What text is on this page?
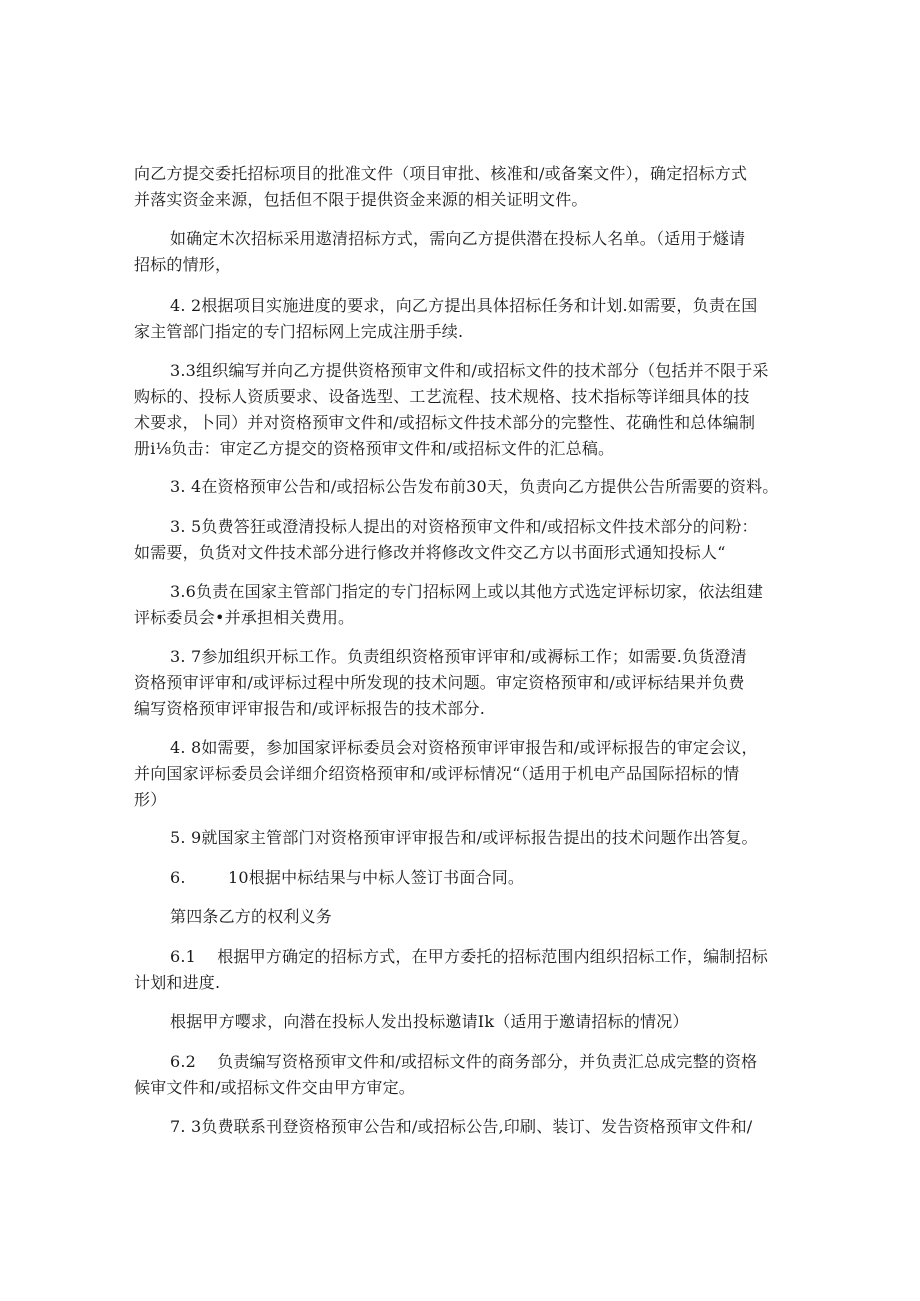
向乙方提交委托招标项目的批准文件（项目审批、核准和/或备案文件），确定招标方式
并落实资金来源，包括但不限于提供资金来源的相关证明文件。

如确定木次招标采用遨清招标方式，需向乙方提供潜在投标人名单。（适用于燧请
招标的情形，

4. 2根据项目实施进度的要求，向乙方提出具体招标任务和计划.如需要，负责在国
家主管部门指定的专门招标网上完成注册手续.

3.3组织编写并向乙方提供资格预审文件和/或招标文件的技术部分（包括并不限于采
购标的、投标人资质要求、设备选型、工艺流程、技术规格、技术指标等详细具体的技
术要求，卜同）并对资格预审文件和/或招标文件技术部分的完整性、花确性和总体编制
册i⅛负击：审定乙方提交的资格预审文件和/或招标文件的汇总稿。

3. 4在资格预审公告和/或招标公告发布前30天，负责向乙方提供公告所需要的资料。

3. 5负费答狂或澄清投标人提出的对资格预审文件和/或招标文件技术部分的问粉：
如需要，负货对文件技术部分进行修改并将修改文件交乙方以书面形式通知投标人“

3.6负责在国家主管部门指定的专门招标网上或以其他方式选定评标切家，依法组建
评标委员会•并承担相关费用。

3. 7参加组织开标工作。负责组织资格预审评审和/或褥标工作；如需要.负货澄清
资格预审评审和/或评标过程中所发现的技术问题。审定资格预审和/或评标结果并负费
编写资格预审评审报告和/或评标报告的技术部分.

4. 8如需要，参加国家评标委员会对资格预审评审报告和/或评标报告的审定会议，
并向国家评标委员会详细介绍资格预审和/或评标情况“（适用于机电产品国际招标的情
形）

5. 9就国家主管部门对资格预审评审报告和/或评标报告提出的技术问题作出答复。

6.        10根据中标结果与中标人签订书面合同。

第四条乙方的权利义务

6.1    根据甲方确定的招标方式，在甲方委托的招标范围内组织招标工作，编制招标
计划和进度.

根据甲方嘤求，向潜在投标人发出投标邀请Ik（适用于邀请招标的情况）

6.2    负责编写资格预审文件和/或招标文件的商务部分，并负责汇总成完整的资格
候审文件和/或招标文件交由甲方审定。

7. 3负费联系刊登资格预审公告和/或招标公告,印刷、装订、发告资格预审文件和/
